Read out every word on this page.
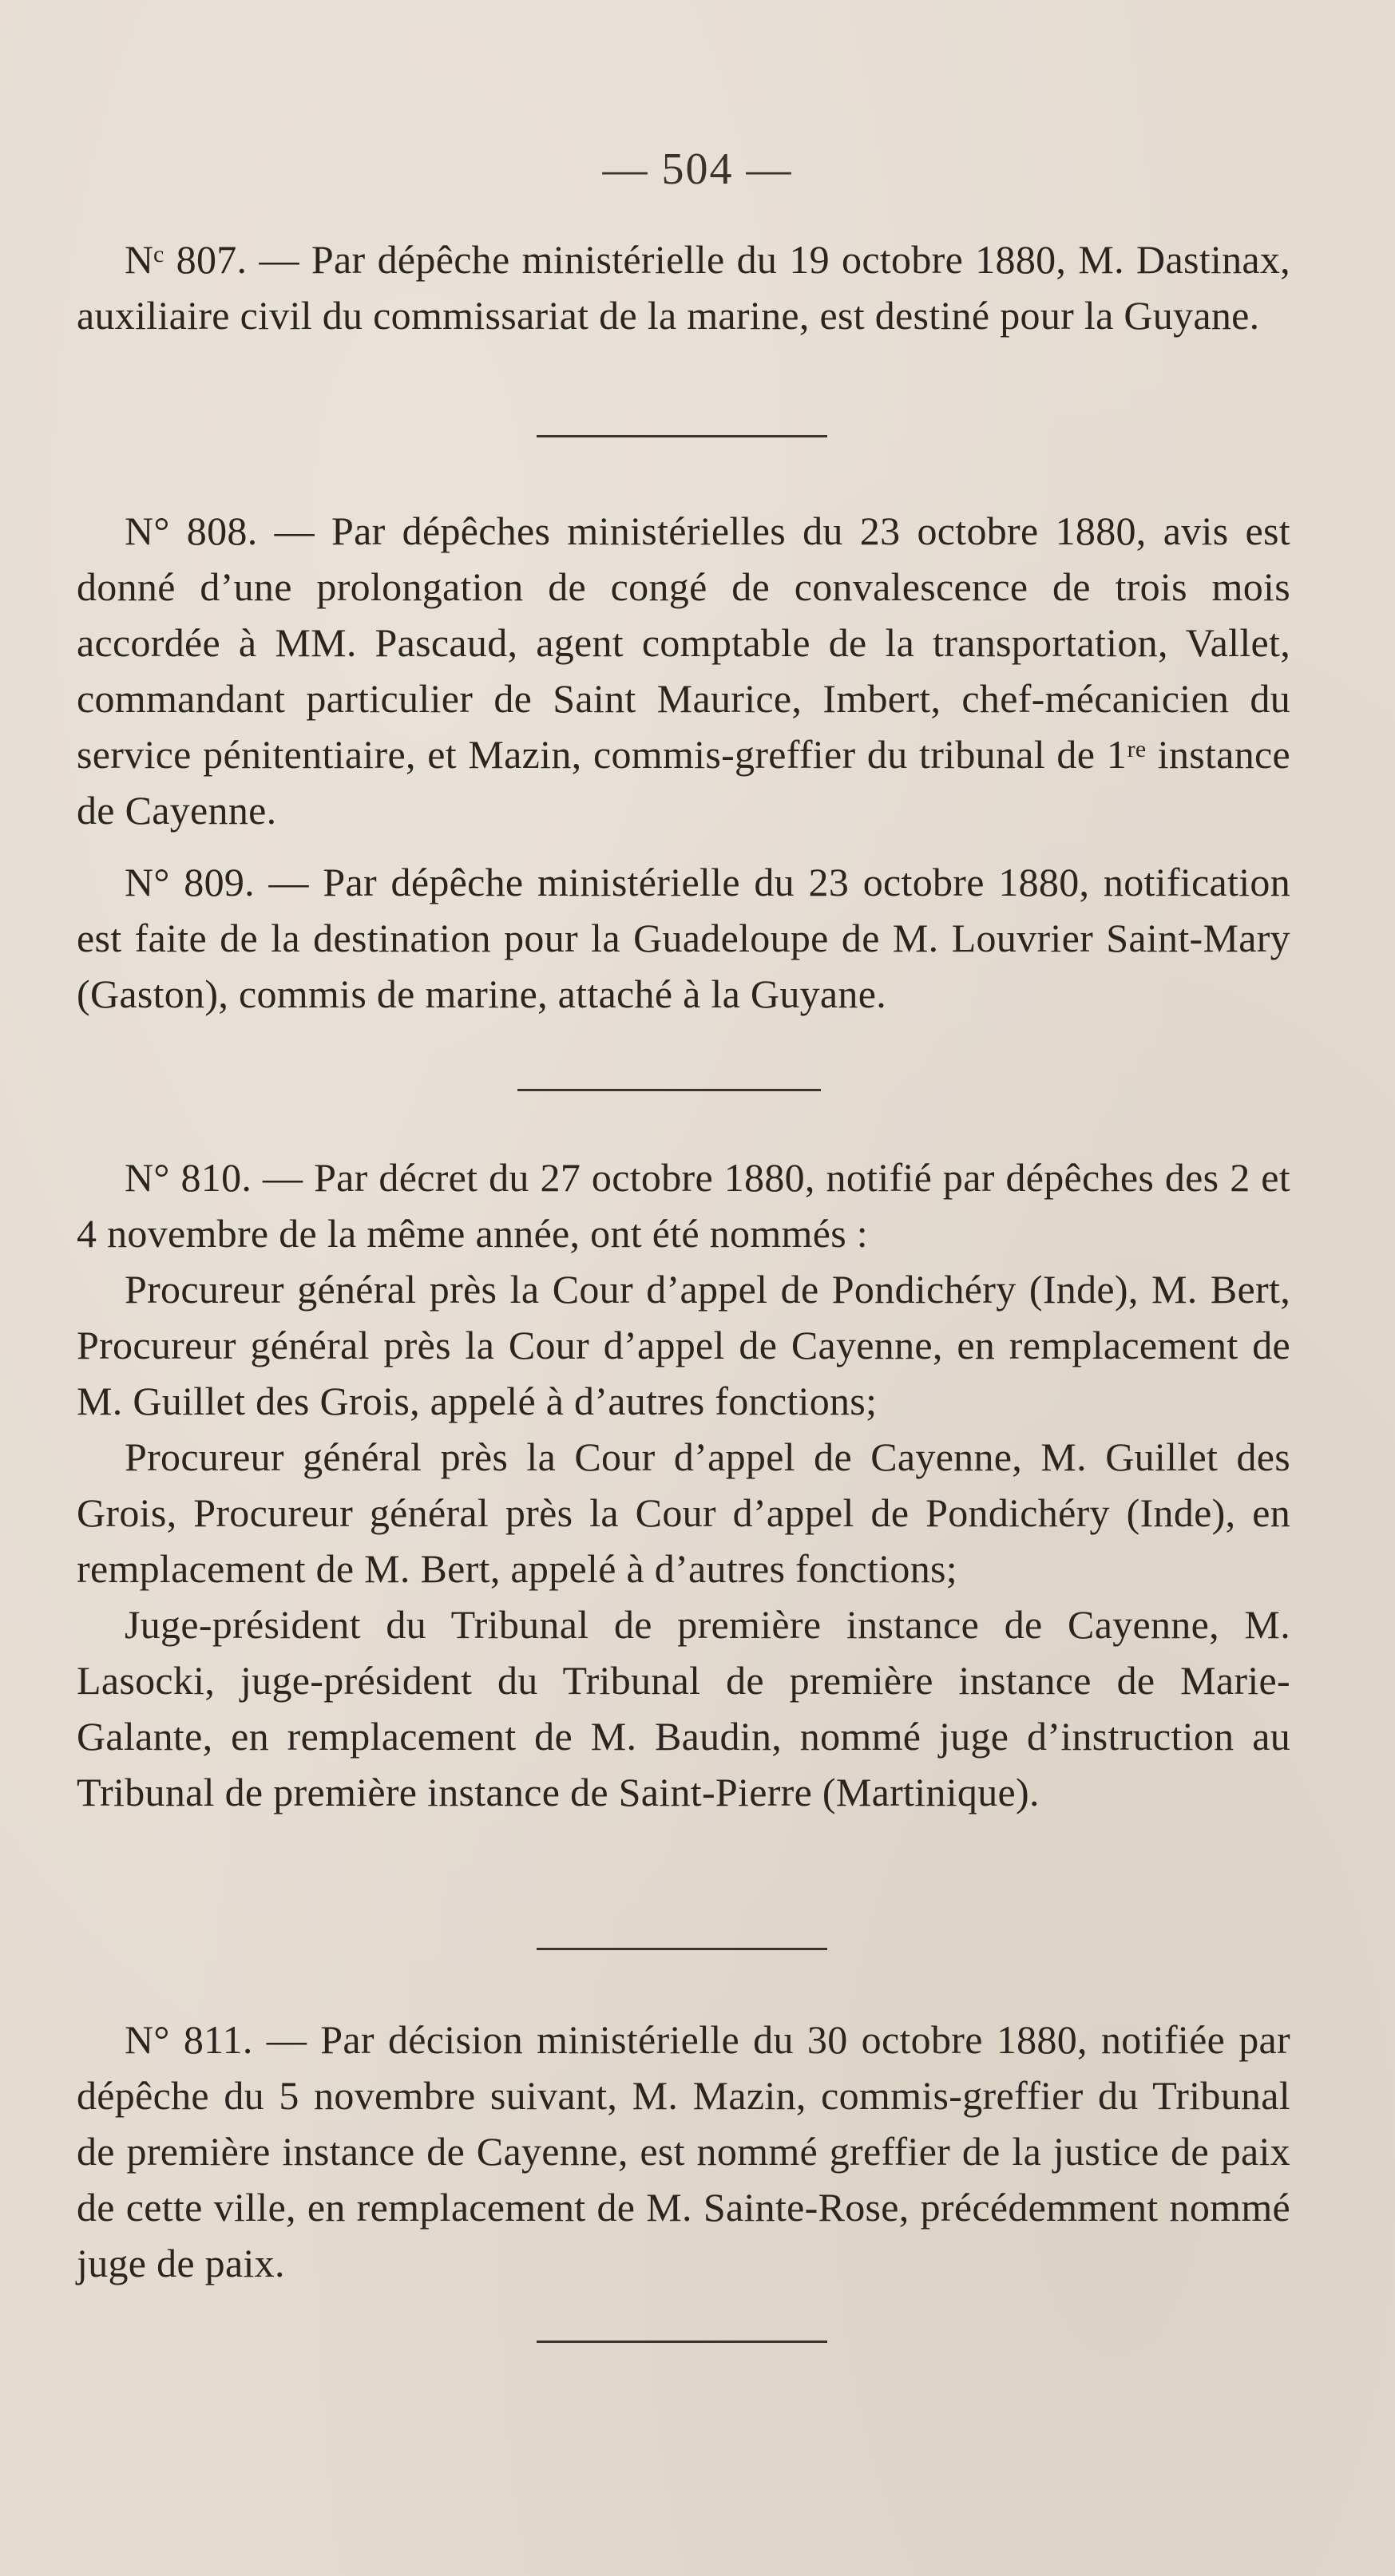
— 504 —

Nᶜ 807. — Par dépêche ministérielle du 19 octobre 1880, M. Dastinax, auxiliaire civil du commissariat de la marine, est destiné pour la Guyane.

N° 808. — Par dépêches ministérielles du 23 octobre 1880, avis est donné d’une prolongation de congé de convalescence de trois mois accordée à MM. Pascaud, agent comptable de la transportation, Vallet, commandant particulier de Saint Maurice, Imbert, chef-mécanicien du service pénitentiaire, et Mazin, commis-greffier du tribunal de 1ʳᵉ instance de Cayenne.

N° 809. — Par dépêche ministérielle du 23 octobre 1880, notification est faite de la destination pour la Guadeloupe de M. Louvrier Saint-Mary (Gaston), commis de marine, attaché à la Guyane.

N° 810. — Par décret du 27 octobre 1880, notifié par dépêches des 2 et 4 novembre de la même année, ont été nommés :

Procureur général près la Cour d’appel de Pondichéry (Inde), M. Bert, Procureur général près la Cour d’appel de Cayenne, en remplacement de M. Guillet des Grois, appelé à d’autres fonctions;

Procureur général près la Cour d’appel de Cayenne, M. Guillet des Grois, Procureur général près la Cour d’appel de Pondichéry (Inde), en remplacement de M. Bert, appelé à d’autres fonctions;

Juge-président du Tribunal de première instance de Cayenne, M. Lasocki, juge-président du Tribunal de première instance de Marie-Galante, en remplacement de M. Baudin, nommé juge d’instruction au Tribunal de première instance de Saint-Pierre (Martinique).

N° 811. — Par décision ministérielle du 30 octobre 1880, notifiée par dépêche du 5 novembre suivant, M. Mazin, commis-greffier du Tribunal de première instance de Cayenne, est nommé greffier de la justice de paix de cette ville, en remplacement de M. Sainte-Rose, précédemment nommé juge de paix.
